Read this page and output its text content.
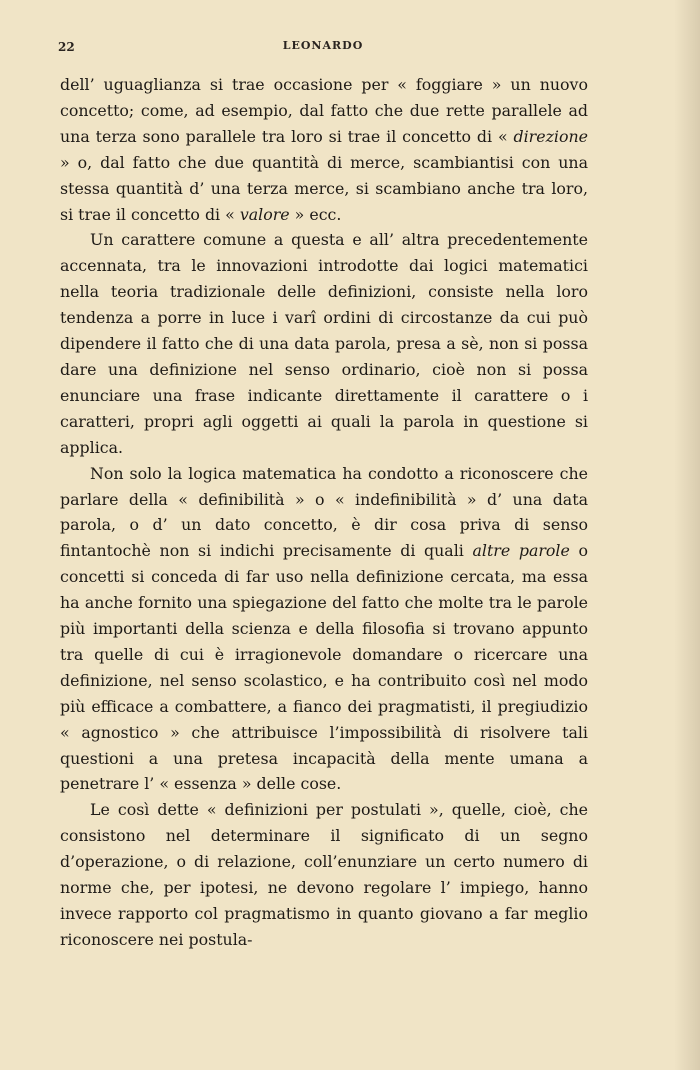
22	LEONARDO

dell’ uguaglianza si trae occasione per « foggiare » un nuovo concetto; come, ad esempio, dal fatto che due rette parallele ad una terza sono parallele tra loro si trae il concetto di « direzione » o, dal fatto che due quantità di merce, scambiantisi con una stessa quantità d’ una terza merce, si scambiano anche tra loro, si trae il concetto di « valore » ecc.

Un carattere comune a questa e all’ altra precedentemente accennata, tra le innovazioni introdotte dai logici matematici nella teoria tradizionale delle definizioni, consiste nella loro tendenza a porre in luce i varî ordini di circostanze da cui può dipendere il fatto che di una data parola, presa a sè, non si possa dare una definizione nel senso ordinario, cioè non si possa enunciare una frase indicante direttamente il carattere o i caratteri, propri agli oggetti ai quali la parola in questione si applica.

Non solo la logica matematica ha condotto a riconoscere che parlare della « definibilità » o « indefinibilità » d’ una data parola, o d’ un dato concetto, è dir cosa priva di senso fintantochè non si indichi precisamente di quali altre parole o concetti si conceda di far uso nella definizione cercata, ma essa ha anche fornito una spiegazione del fatto che molte tra le parole più importanti della scienza e della filosofia si trovano appunto tra quelle di cui è irragionevole domandare o ricercare una definizione, nel senso scolastico, e ha contribuito così nel modo più efficace a combattere, a fianco dei pragmatisti, il pregiudizio « agnostico » che attribuisce l’impossibilità di risolvere tali questioni a una pretesa incapacità della mente umana a penetrare l’ « essenza » delle cose.

Le così dette « definizioni per postulati », quelle, cioè, che consistono nel determinare il significato di un segno d’operazione, o di relazione, coll’enunziare un certo numero di norme che, per ipotesi, ne devono regolare l’ impiego, hanno invece rapporto col pragmatismo in quanto giovano a far meglio riconoscere nei postula-
